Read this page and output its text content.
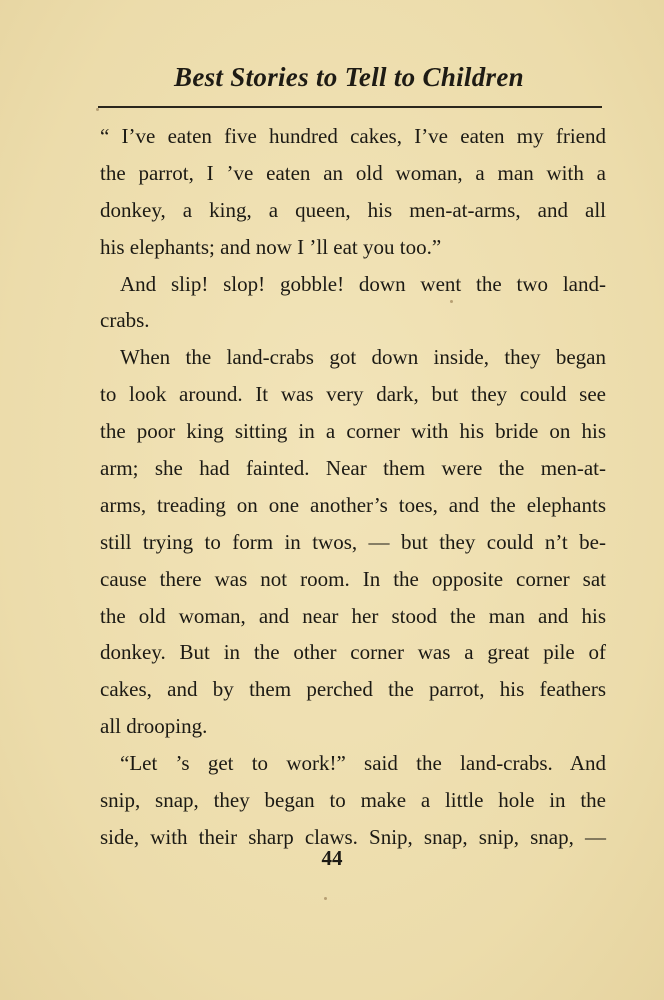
Best Stories to Tell to Children
“ I’ve eaten five hundred cakes, I’ve eaten my friend
the parrot, I ’ve eaten an old woman, a man with a
donkey, a king, a queen, his men-at-arms, and all
his elephants; and now I ’ll eat you too.”
And slip! slop! gobble! down went the two land-
crabs.
When the land-crabs got down inside, they began
to look around. It was very dark, but they could see
the poor king sitting in a corner with his bride on his
arm; she had fainted. Near them were the men-at-
arms, treading on one another’s toes, and the elephants
still trying to form in twos, — but they could n’t be-
cause there was not room. In the opposite corner sat
the old woman, and near her stood the man and his
donkey. But in the other corner was a great pile of
cakes, and by them perched the parrot, his feathers
all drooping.
“Let ’s get to work!” said the land-crabs. And
snip, snap, they began to make a little hole in the
side, with their sharp claws. Snip, snap, snip, snap, —
44
